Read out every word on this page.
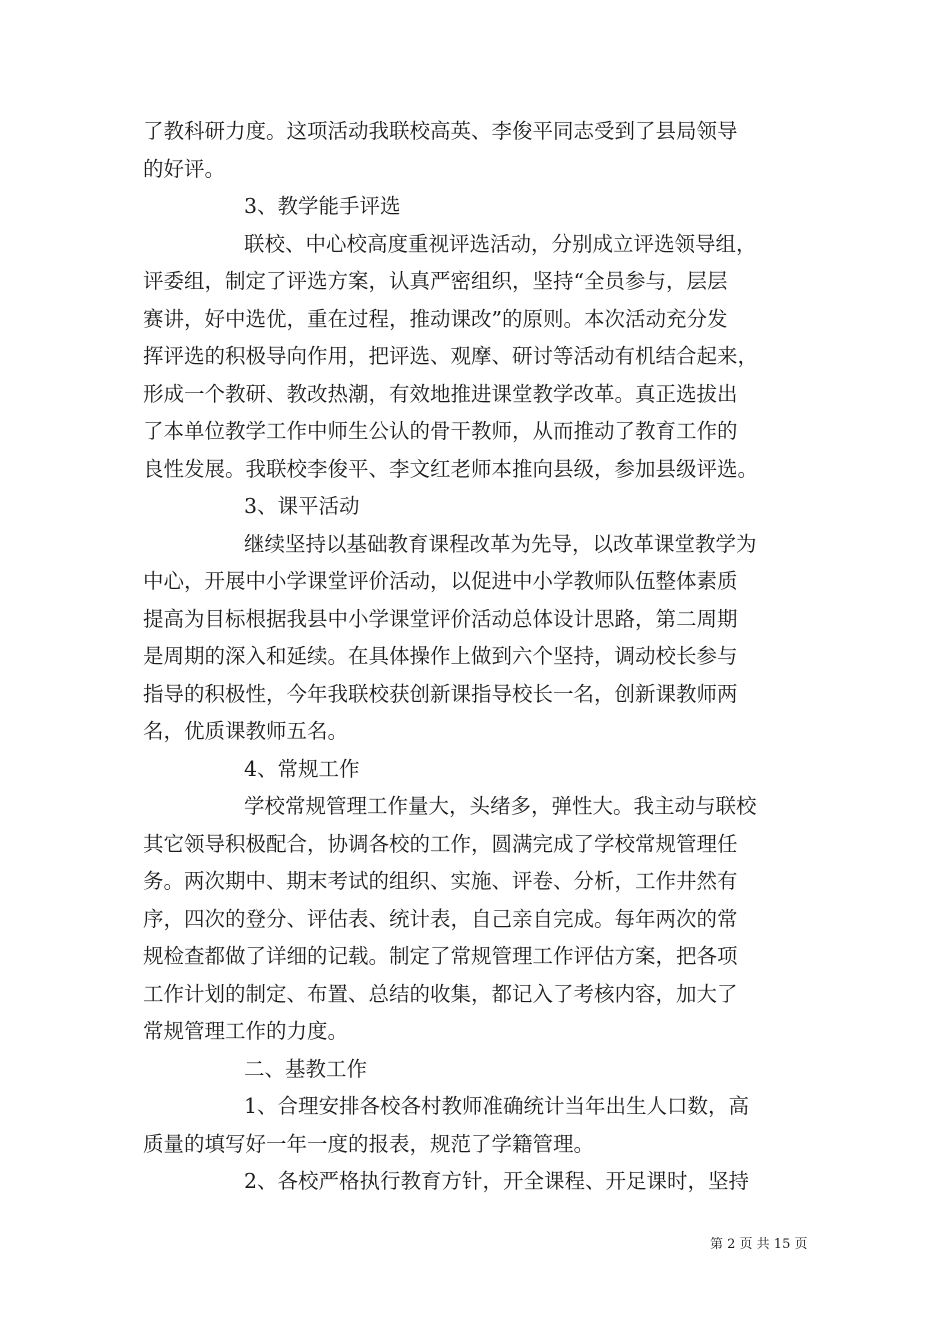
了教科研力度。这项活动我联校高英、李俊平同志受到了县局领导
的好评。
3、教学能手评选
联校、中心校高度重视评选活动，分别成立评选领导组，
评委组，制定了评选方案，认真严密组织，坚持“全员参与，层层
赛讲，好中选优，重在过程，推动课改”的原则。本次活动充分发
挥评选的积极导向作用，把评选、观摩、研讨等活动有机结合起来，
形成一个教研、教改热潮，有效地推进课堂教学改革。真正选拔出
了本单位教学工作中师生公认的骨干教师，从而推动了教育工作的
良性发展。我联校李俊平、李文红老师本推向县级，参加县级评选。
3、课平活动
继续坚持以基础教育课程改革为先导，以改革课堂教学为
中心，开展中小学课堂评价活动，以促进中小学教师队伍整体素质
提高为目标根据我县中小学课堂评价活动总体设计思路，第二周期
是周期的深入和延续。在具体操作上做到六个坚持，调动校长参与
指导的积极性，今年我联校获创新课指导校长一名，创新课教师两
名，优质课教师五名。
4、常规工作
学校常规管理工作量大，头绪多，弹性大。我主动与联校
其它领导积极配合，协调各校的工作，圆满完成了学校常规管理任
务。两次期中、期末考试的组织、实施、评卷、分析，工作井然有
序，四次的登分、评估表、统计表，自己亲自完成。每年两次的常
规检查都做了详细的记载。制定了常规管理工作评估方案，把各项
工作计划的制定、布置、总结的收集，都记入了考核内容，加大了
常规管理工作的力度。
二、基教工作
1、合理安排各校各村教师准确统计当年出生人口数，高
质量的填写好一年一度的报表，规范了学籍管理。
2、各校严格执行教育方针，开全课程、开足课时，坚持
第 2 页 共 15 页
